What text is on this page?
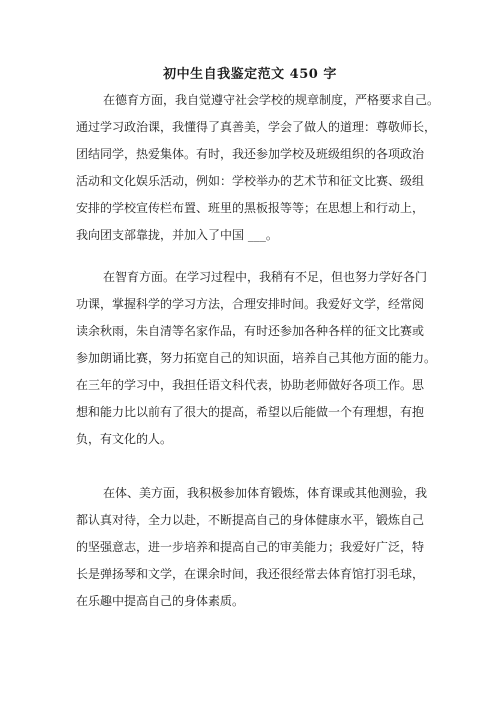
初中生自我鉴定范文 450 字
在德育方面，我自觉遵守社会学校的规章制度，严格要求自己。
通过学习政治课，我懂得了真善美，学会了做人的道理：尊敬师长，
团结同学，热爱集体。有时，我还参加学校及班级组织的各项政治
活动和文化娱乐活动，例如：学校举办的艺术节和征文比赛、级组
安排的学校宣传栏布置、班里的黑板报等等；在思想上和行动上，
我向团支部靠拢，并加入了中国 ___。
在智育方面。在学习过程中，我稍有不足，但也努力学好各门
功课，掌握科学的学习方法，合理安排时间。我爱好文学，经常阅
读余秋雨，朱自清等名家作品，有时还参加各种各样的征文比赛或
参加朗诵比赛，努力拓宽自己的知识面，培养自己其他方面的能力。
在三年的学习中，我担任语文科代表，协助老师做好各项工作。思
想和能力比以前有了很大的提高，希望以后能做一个有理想，有抱
负，有文化的人。
在体、美方面，我积极参加体育锻炼，体育课或其他测验，我
都认真对待，全力以赴，不断提高自己的身体健康水平，锻炼自己
的坚强意志，进一步培养和提高自己的审美能力；我爱好广泛，特
长是弹扬琴和文学，在课余时间，我还很经常去体育馆打羽毛球，
在乐趣中提高自己的身体素质。
